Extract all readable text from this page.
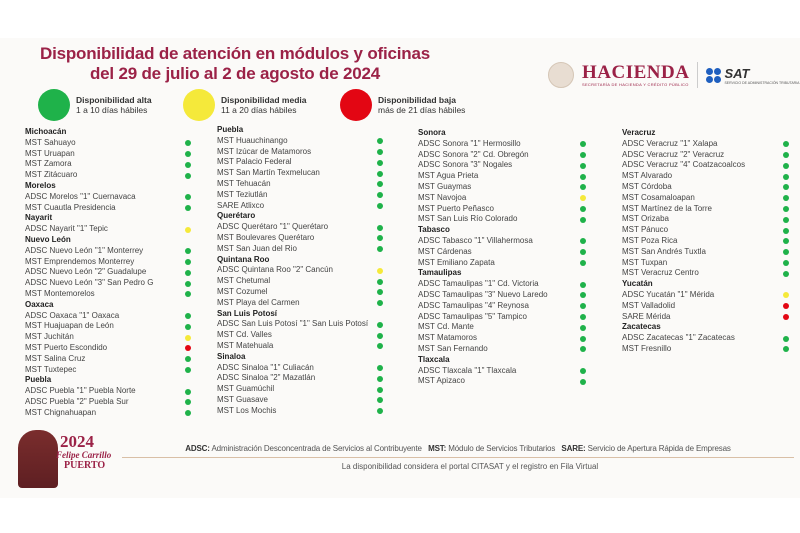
Disponibilidad de atención en módulos y oficinas
del 29 de julio al 2 de agosto de 2024	HACIENDA
SECRETARÍA DE HACIENDA Y CRÉDITO PÚBLICO
SAT
SERVICIO DE ADMINISTRACIÓN TRIBUTARIA
Disponibilidad alta
1 a 10 días hábiles
Disponibilidad media
11 a 20 días hábiles
Disponibilidad baja
más de 21 días hábiles
Michoacán
MST Sahuayo
MST Uruapan
MST Zamora
MST Zitácuaro
Morelos
ADSC Morelos "1" Cuernavaca
MST Cuautla Presidencia
Nayarit
ADSC Nayarit "1" Tepic
Nuevo León
ADSC Nuevo León "1" Monterrey
MST Emprendemos Monterrey
ADSC Nuevo León "2" Guadalupe
ADSC Nuevo León "3" San Pedro G
MST Montemorelos
Oaxaca
ADSC Oaxaca "1" Oaxaca
MST Huajuapan de León
MST Juchitán
MST Puerto Escondido
MST Salina Cruz
MST Tuxtepec
Puebla
ADSC Puebla "1" Puebla Norte
ADSC Puebla "2" Puebla Sur
MST Chignahuapan
Puebla
MST Huauchinango
MST Izúcar de Matamoros
MST Palacio Federal
MST San Martín Texmelucan
MST Tehuacán
MST Teziutlán
SARE Atlixco
Querétaro
ADSC Querétaro "1" Querétaro
MST Boulevares Querétaro
MST San Juan del Rio
Quintana Roo
ADSC Quintana Roo "2" Cancún
MST Chetumal
MST Cozumel
MST Playa del Carmen
San Luis Potosí
ADSC San Luis Potosí "1" San Luis Potosí
MST Cd. Valles
MST Matehuala
Sinaloa
ADSC Sinaloa "1" Culiacán
ADSC Sinaloa "2" Mazatlán
MST Guamúchil
MST Guasave
MST Los Mochis
Sonora
ADSC Sonora "1" Hermosillo
ADSC Sonora "2" Cd. Obregón
ADSC Sonora "3" Nogales
MST Agua Prieta
MST Guaymas
MST Navojoa
MST Puerto Peñasco
MST San Luis Río Colorado
Tabasco
ADSC Tabasco "1" Villahermosa
MST Cárdenas
MST Emiliano Zapata
Tamaulipas
ADSC Tamaulipas "1" Cd. Victoria
ADSC Tamaulipas "3" Nuevo Laredo
ADSC Tamaulipas "4" Reynosa
ADSC Tamaulipas "5" Tampico
MST Cd. Mante
MST Matamoros
MST San Fernando
Tlaxcala
ADSC Tlaxcala "1" Tlaxcala
MST Apizaco
Veracruz
ADSC Veracruz "1" Xalapa
ADSC Veracruz "2" Veracruz
ADSC Veracruz "4" Coatzacoalcos
MST Alvarado
MST Córdoba
MST Cosamaloapan
MST Martínez de la Torre
MST Orizaba
MST Pánuco
MST Poza Rica
MST San Andrés Tuxtla
MST Tuxpan
MST Veracruz Centro
Yucatán
ADSC Yucatán "1" Mérida
MST Valladolid
SARE Mérida
Zacatecas
ADSC Zacatecas "1" Zacatecas
MST Fresnillo
2024
Felipe Carrillo
PUERTO
ADSC: Administración Desconcentrada de Servicios al Contribuyente MST: Módulo de Servicios Tributarios SARE: Servicio de Apertura Rápida de Empresas
La disponibilidad considera el portal CITASAT y el registro en Fila Virtual
